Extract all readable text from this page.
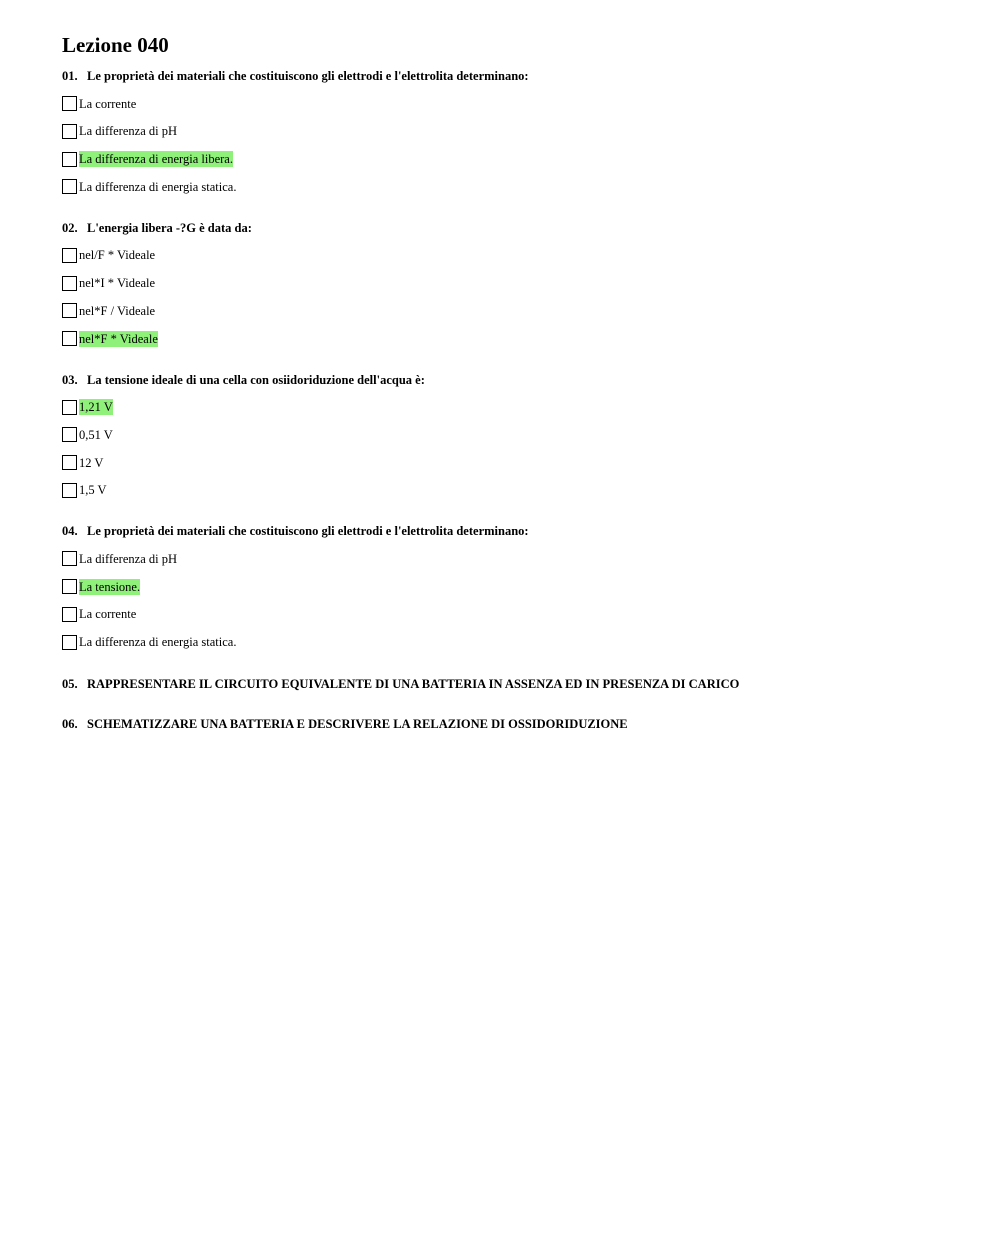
Lezione 040

01. Le proprietà dei materiali che costituiscono gli elettrodi e l'elettrolita determinano:

La corrente
La differenza di pH
La differenza di energia libera.
La differenza di energia statica.

02. L'energia libera -?G è data da:

nel/F * Videale
nel*I * Videale
nel*F / Videale
nel*F * Videale

03. La tensione ideale di una cella con osiidoriduzione dell'acqua è:

1,21 V
0,51 V
12 V
1,5 V

04. Le proprietà dei materiali che costituiscono gli elettrodi e l'elettrolita determinano:

La differenza di pH
La tensione.
La corrente
La differenza di energia statica.

05. RAPPRESENTARE IL CIRCUITO EQUIVALENTE DI UNA BATTERIA IN ASSENZA ED IN PRESENZA DI CARICO

06. SCHEMATIZZARE UNA BATTERIA E DESCRIVERE LA RELAZIONE DI OSSIDORIDUZIONE
